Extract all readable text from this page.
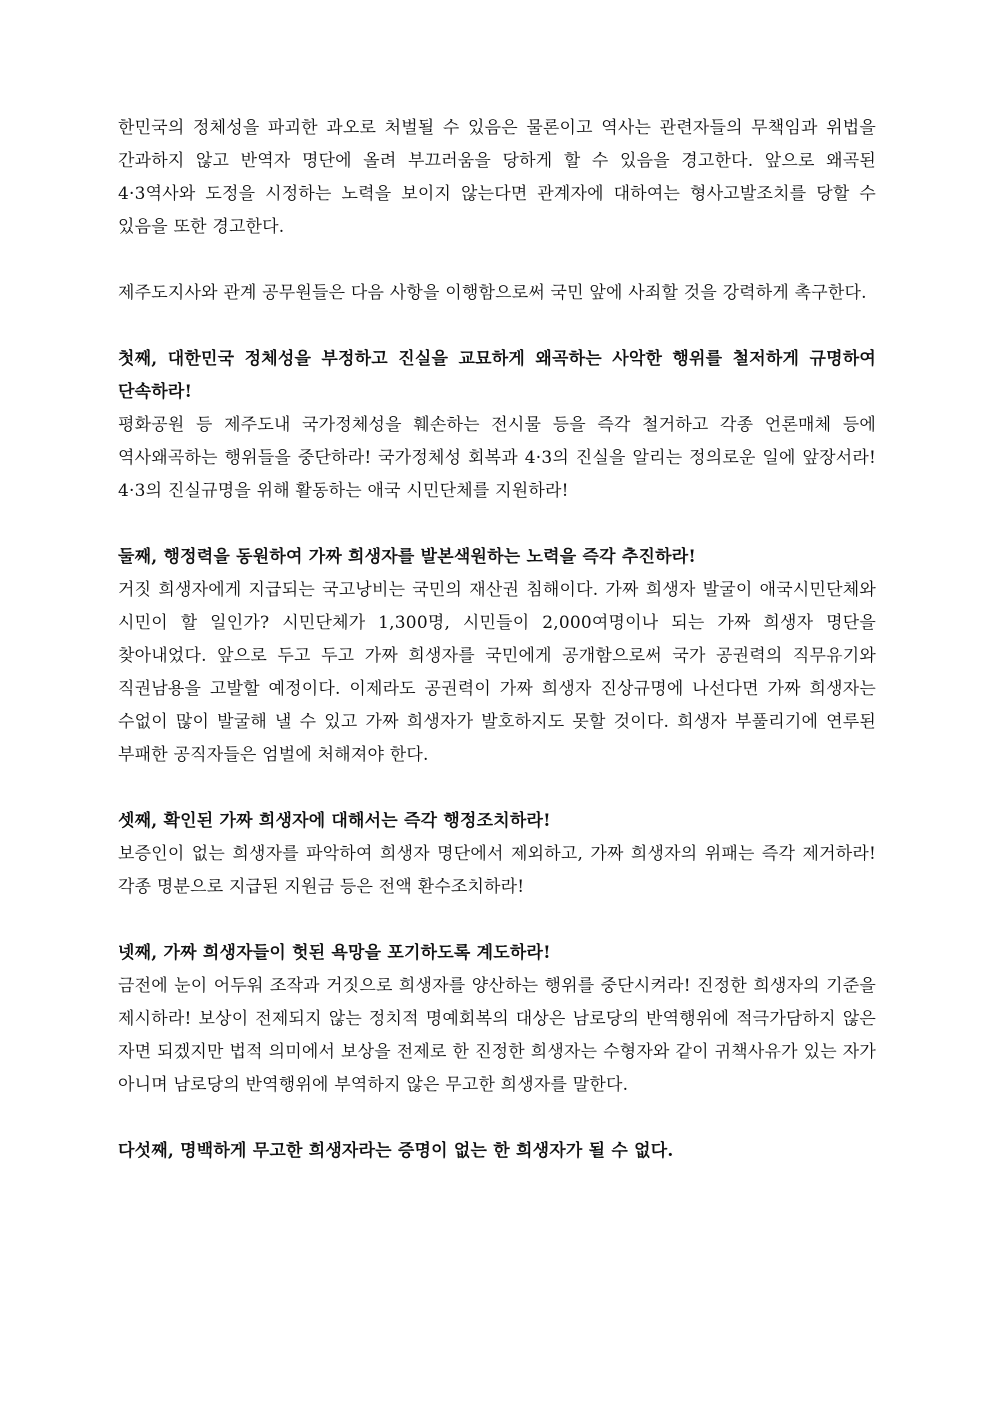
한민국의 정체성을 파괴한 과오로 처벌될 수 있음은 물론이고 역사는 관련자들의 무책임과 위법을 간과하지 않고 반역자 명단에 올려 부끄러움을 당하게 할 수 있음을 경고한다. 앞으로 왜곡된 4·3역사와 도정을 시정하는 노력을 보이지 않는다면 관계자에 대하여는 형사고발조치를 당할 수 있음을 또한 경고한다.

제주도지사와 관계 공무원들은 다음 사항을 이행함으로써 국민 앞에 사죄할 것을 강력하게 촉구한다.

첫째, 대한민국 정체성을 부정하고 진실을 교묘하게 왜곡하는 사악한 행위를 철저하게 규명하여 단속하라!

평화공원 등 제주도내 국가정체성을 훼손하는 전시물 등을 즉각 철거하고 각종 언론매체 등에 역사왜곡하는 행위들을 중단하라! 국가정체성 회복과 4·3의 진실을 알리는 정의로운 일에 앞장서라! 4·3의 진실규명을 위해 활동하는 애국 시민단체를 지원하라!

둘째, 행정력을 동원하여 가짜 희생자를 발본색원하는 노력을 즉각 추진하라!

거짓 희생자에게 지급되는 국고낭비는 국민의 재산권 침해이다. 가짜 희생자 발굴이 애국시민단체와 시민이 할 일인가? 시민단체가 1,300명, 시민들이 2,000여명이나 되는 가짜 희생자 명단을 찾아내었다. 앞으로 두고 두고 가짜 희생자를 국민에게 공개함으로써 국가 공권력의 직무유기와 직권남용을 고발할 예정이다. 이제라도 공권력이 가짜 희생자 진상규명에 나선다면 가짜 희생자는 수없이 많이 발굴해 낼 수 있고 가짜 희생자가 발호하지도 못할 것이다. 희생자 부풀리기에 연루된 부패한 공직자들은 엄벌에 처해져야 한다.

셋째, 확인된 가짜 희생자에 대해서는 즉각 행정조치하라!

보증인이 없는 희생자를 파악하여 희생자 명단에서 제외하고, 가짜 희생자의 위패는 즉각 제거하라! 각종 명분으로 지급된 지원금 등은 전액 환수조치하라!

넷째, 가짜 희생자들이 헛된 욕망을 포기하도록 계도하라!

금전에 눈이 어두워 조작과 거짓으로 희생자를 양산하는 행위를 중단시켜라! 진정한 희생자의 기준을 제시하라! 보상이 전제되지 않는 정치적 명예회복의 대상은 남로당의 반역행위에 적극가담하지 않은 자면 되겠지만 법적 의미에서 보상을 전제로 한 진정한 희생자는 수형자와 같이 귀책사유가 있는 자가 아니며 남로당의 반역행위에 부역하지 않은 무고한 희생자를 말한다.

다섯째, 명백하게 무고한 희생자라는 증명이 없는 한 희생자가 될 수 없다.
